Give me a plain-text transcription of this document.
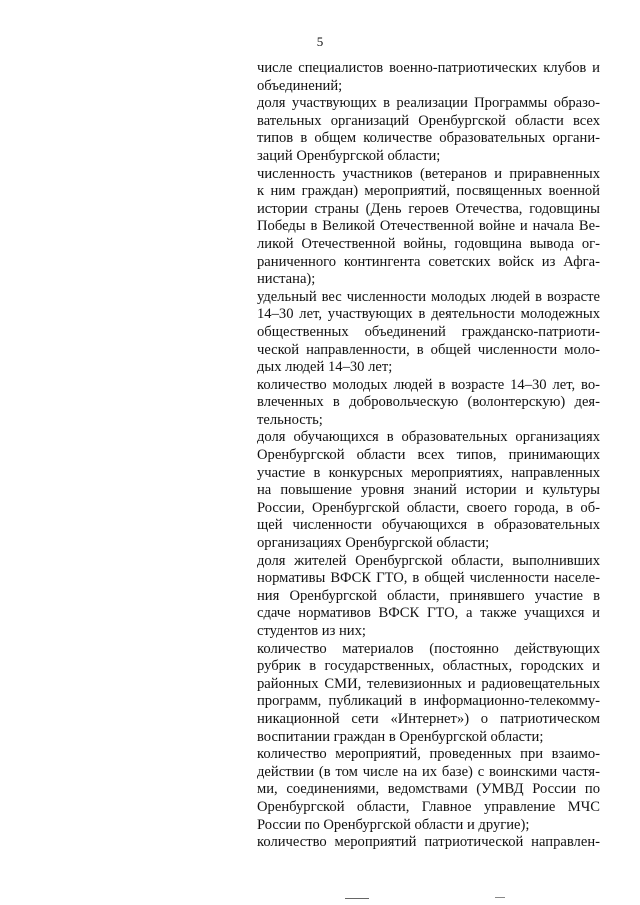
5
числе специалистов военно-патриотических клубов и
объединений;
доля участвующих в реализации Программы образо-
вательных организаций Оренбургской области всех
типов в общем количестве образовательных органи-
заций Оренбургской области;
численность участников (ветеранов и приравненных
к ним граждан) мероприятий, посвященных военной
истории страны (День героев Отечества, годовщины
Победы в Великой Отечественной войне и начала Ве-
ликой Отечественной войны, годовщина вывода ог-
раниченного контингента советских войск из Афга-
нистана);
удельный вес численности молодых людей в возрасте
14–30 лет, участвующих в деятельности молодежных
общественных объединений гражданско-патриоти-
ческой направленности, в общей численности моло-
дых людей 14–30 лет;
количество молодых людей в возрасте 14–30 лет, во-
влеченных в добровольческую (волонтерскую) дея-
тельность;
доля обучающихся в образовательных организациях
Оренбургской области всех типов, принимающих
участие в конкурсных мероприятиях, направленных
на повышение уровня знаний истории и культуры
России, Оренбургской области, своего города, в об-
щей численности обучающихся в образовательных
организациях Оренбургской области;
доля жителей Оренбургской области, выполнивших
нормативы ВФСК ГТО, в общей численности населе-
ния Оренбургской области, принявшего участие в
сдаче нормативов ВФСК ГТО, а также учащихся и
студентов из них;
количество материалов (постоянно действующих
рубрик в государственных, областных, городских и
районных СМИ, телевизионных и радиовещательных
программ, публикаций в информационно-телекомму-
никационной сети «Интернет») о патриотическом
воспитании граждан в Оренбургской области;
количество мероприятий, проведенных при взаимо-
действии (в том числе на их базе) с воинскими частя-
ми, соединениями, ведомствами (УМВД России по
Оренбургской области, Главное управление МЧС
России по Оренбургской области и другие);
количество мероприятий патриотической направлен-
